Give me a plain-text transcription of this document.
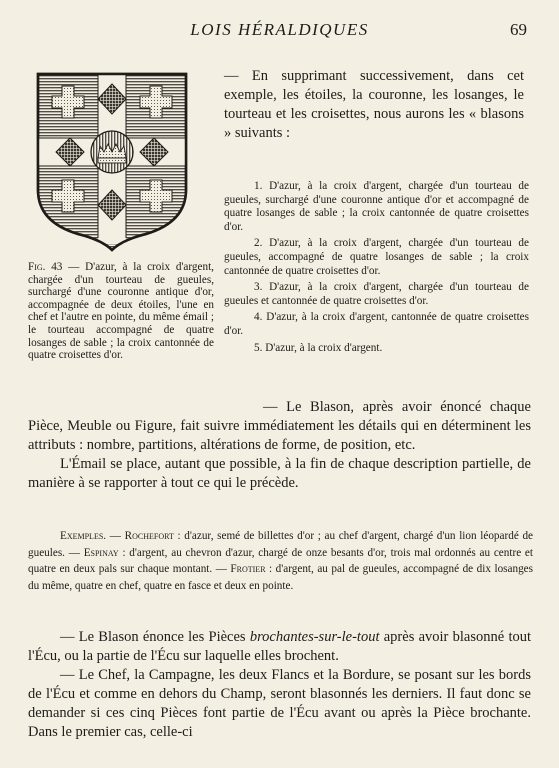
LOIS HÉRALDIQUES	69
Fig. 43 — D'azur, à la croix d'argent, chargée d'un tourteau de gueules, surchargé d'une couronne antique d'or, accompagnée de deux étoiles, l'une en chef et l'autre en pointe, du même émail ; le tourteau accompagné de quatre losanges de sable ; la croix cantonnée de quatre croisettes d'or.
— En supprimant successivement, dans cet exemple, les étoiles, la couronne, les losanges, le tourteau et les croisettes, nous aurons les « blasons » suivants :

1. D'azur, à la croix d'argent, chargée d'un tourteau de gueules, surchargé d'une couronne antique d'or et accompagné de quatre losanges de sable ; la croix cantonnée de quatre croisettes d'or.

2. D'azur, à la croix d'argent, chargée d'un tourteau de gueules, accompagné de quatre losanges de sable ; la croix cantonnée de quatre croisettes d'or.

3. D'azur, à la croix d'argent, chargée d'un tourteau de gueules et cantonnée de quatre croisettes d'or.

4. D'azur, à la croix d'argent, cantonnée de quatre croisettes d'or.

5. D'azur, à la croix d'argent.

— Le Blason, après avoir énoncé chaque Pièce, Meuble ou Figure, fait suivre immédiatement les détails qui en déterminent les attributs : nombre, partitions, altérations de forme, de position, etc.

L'Émail se place, autant que possible, à la fin de chaque description partielle, de manière à se rapporter à tout ce qui le précède.

Exemples. — Rochefort : d'azur, semé de billettes d'or ; au chef d'argent, chargé d'un lion léopardé de gueules. — Espinay : d'argent, au chevron d'azur, chargé de onze besants d'or, trois mal ordonnés au centre et quatre en deux pals sur chaque montant. — Frotier : d'argent, au pal de gueules, accompagné de dix losanges du même, quatre en chef, quatre en fasce et deux en pointe.

— Le Blason énonce les Pièces brochantes-sur-le-tout après avoir blasonné tout l'Écu, ou la partie de l'Écu sur laquelle elles brochent.

— Le Chef, la Campagne, les deux Flancs et la Bordure, se posant sur les bords de l'Écu et comme en dehors du Champ, seront blasonnés les derniers. Il faut donc se demander si ces cinq Pièces font partie de l'Écu avant ou après la Pièce brochante. Dans le premier cas, celle-ci
